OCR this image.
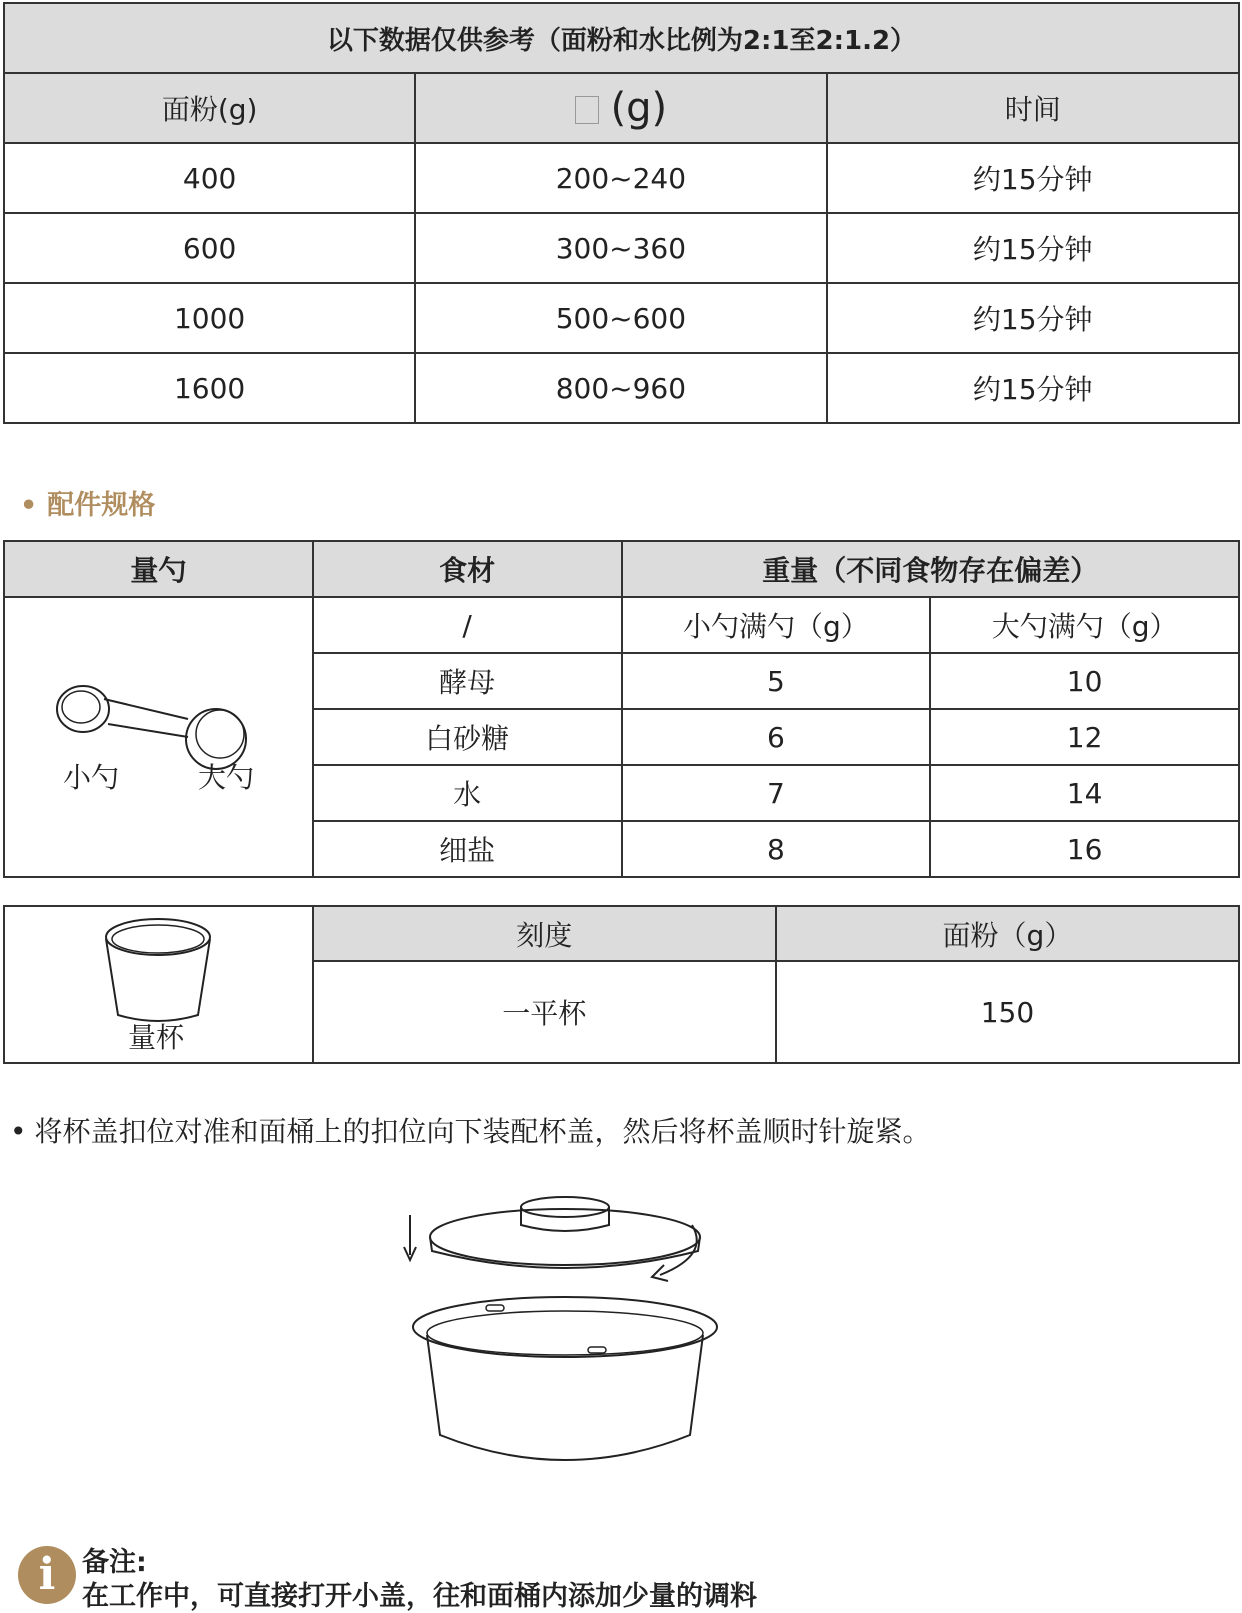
以下数据仅供参考（面粉和水比例为2:1至2:1.2）		
面粉(g)	(g)	时间
400	200~240	约15分钟
600	300~360	约15分钟
1000	500~600	约15分钟
1600	800~960	约15分钟
• 配件规格
量勺	食材	重量（不同食物存在偏差）	

小勺 大勺	/	小勺满勺（g）	大勺满勺（g）
	酵母	5	10
	白砂糖	6	12
	水	7	14
	细盐	8	16
量杯	刻度	面粉（g）
	一平杯	150
• 将杯盖扣位对准和面桶上的扣位向下装配杯盖，然后将杯盖顺时针旋紧。
i 备注:
在工作中，可直接打开小盖，往和面桶内添加少量的调料
